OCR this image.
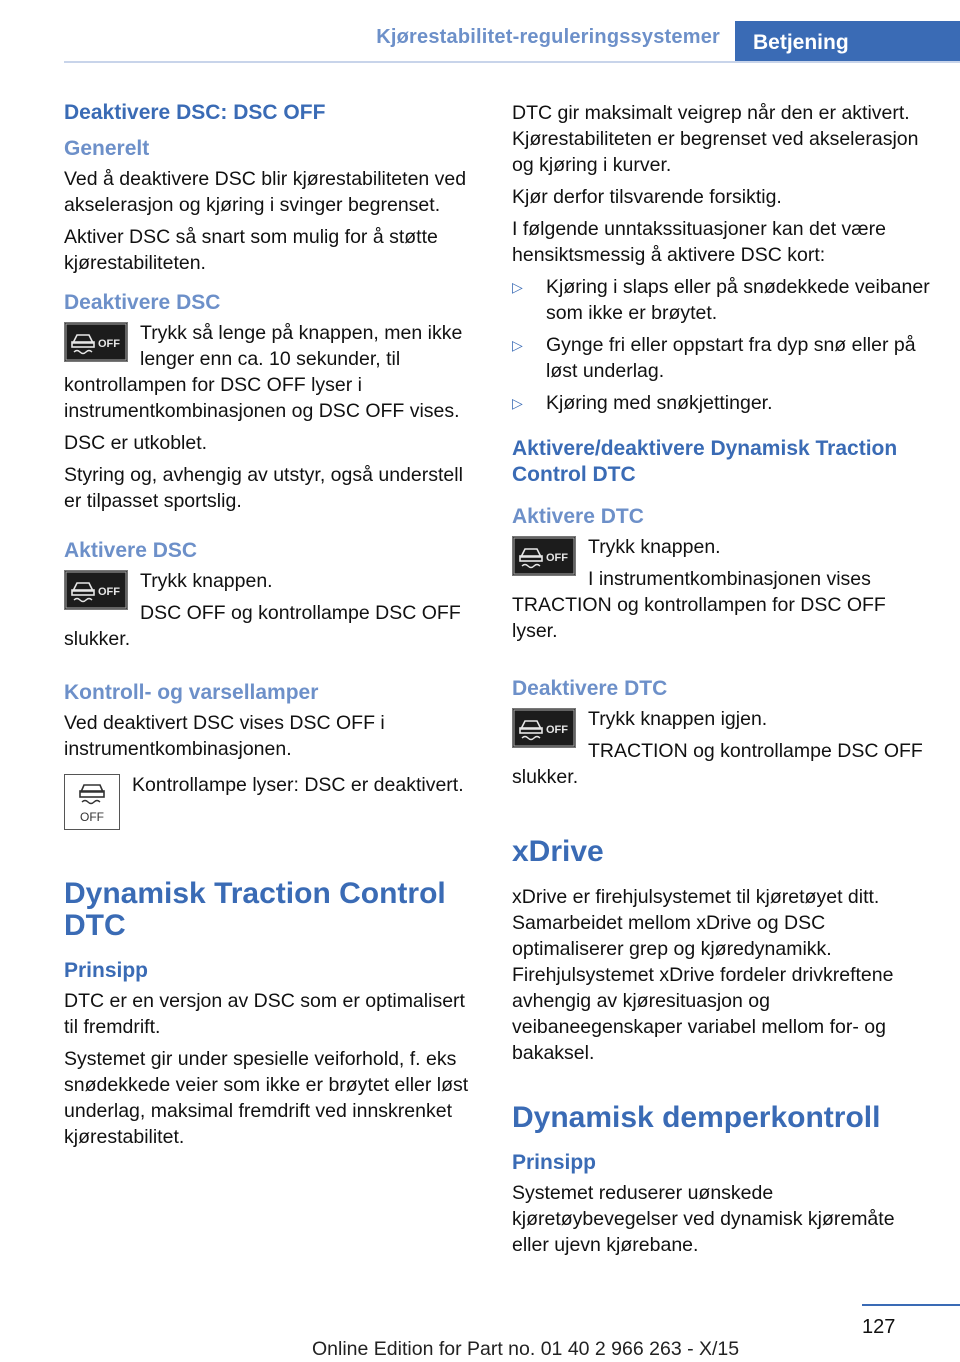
Kjørestabilitet-reguleringssystemer	Betjening
Deaktivere DSC: DSC OFF
Generelt

Ved å deaktivere DSC blir kjørestabiliteten ved akselerasjon og kjøring i svinger begrenset.

Aktiver DSC så snart som mulig for å støtte kjørestabiliteten.

Deaktivere DSC
OFF	Trykk så lenge på knappen, men ikke lenger enn ca. 10 sekunder, til kontrollampen for DSC OFF lyser i instrumentkombinasjonen og DSC OFF vises.

DSC er utkoblet.

Styring og, avhengig av utstyr, også understell er tilpasset sportslig.

Aktivere DSC
OFF	Trykk knappen.

DSC OFF og kontrollampe DSC OFF slukker.

Kontroll- og varsellamper

Ved deaktivert DSC vises DSC OFF i instrumentkombinasjonen.

OFF

Kontrollampe lyser: DSC er deaktivert.

Dynamisk Traction Control DTC
Prinsipp

DTC er en versjon av DSC som er optimalisert til fremdrift.

Systemet gir under spesielle veiforhold, f. eks snødekkede veier som ikke er brøytet eller løst underlag, maksimal fremdrift ved innskrenket kjørestabilitet.

DTC gir maksimalt veigrep når den er aktivert. Kjørestabiliteten er begrenset ved akselerasjon og kjøring i kurver.

Kjør derfor tilsvarende forsiktig.

I følgende unntakssituasjoner kan det være hensiktsmessig å aktivere DSC kort:

▷ Kjøring i slaps eller på snødekkede veibaner som ikke er brøytet.
▷ Gynge fri eller oppstart fra dyp snø eller på løst underlag.
▷ Kjøring med snøkjettinger.
Aktivere/deaktivere Dynamisk Traction Control DTC
Aktivere DTC
OFF	Trykk knappen.

I instrumentkombinasjonen vises TRACTION og kontrollampen for DSC OFF lyser.

Deaktivere DTC
OFF	Trykk knappen igjen.

TRACTION og kontrollampe DSC OFF slukker.

xDrive

xDrive er firehjulsystemet til kjøretøyet ditt. Samarbeidet mellom xDrive og DSC optimaliserer grep og kjøredynamikk. Firehjulsystemet xDrive fordeler drivkreftene avhengig av kjøresituasjon og veibaneegenskaper variabel mellom for- og bakaksel.

Dynamisk demperkontroll
Prinsipp

Systemet reduserer uønskede kjøretøybevegelser ved dynamisk kjøremåte eller ujevn kjørebane.

127
Online Edition for Part no. 01 40 2 966 263 - X/15
